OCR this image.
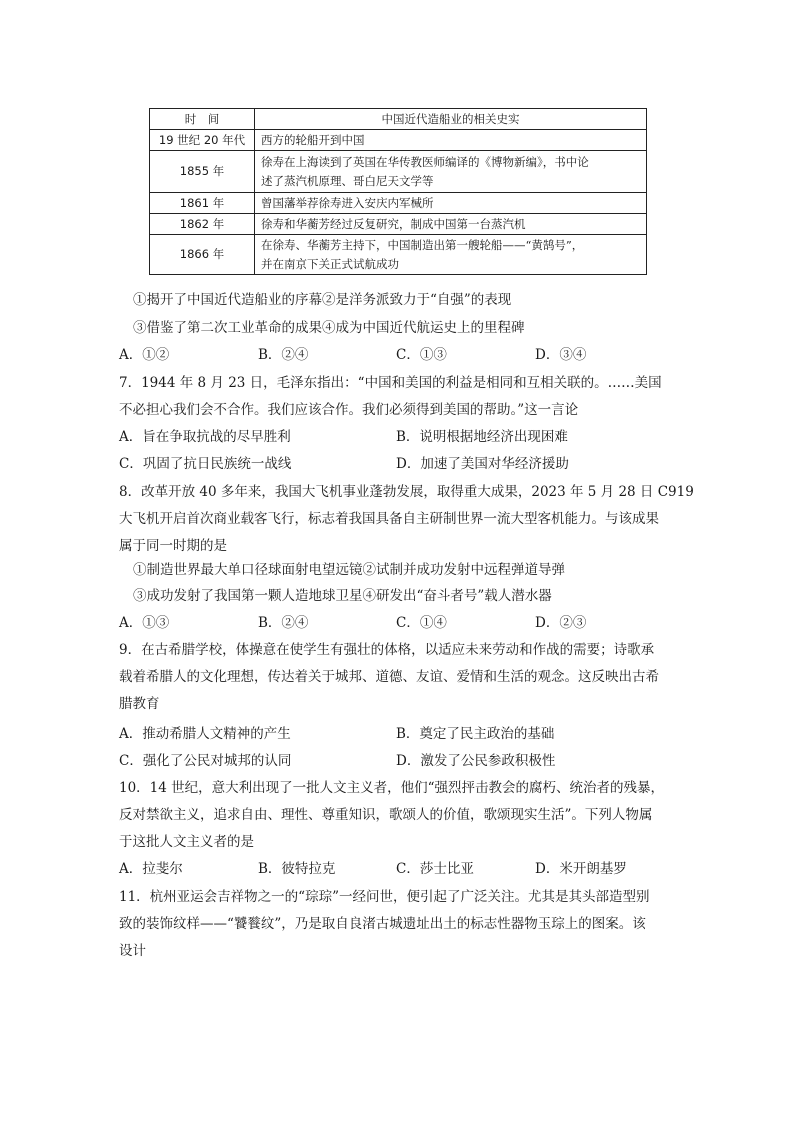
时　间	中国近代造船业的相关史实
19 世纪 20 年代	西方的轮船开到中国
1855 年	徐寿在上海读到了英国在华传教医师编译的《博物新编》，书中论
述了蒸汽机原理、哥白尼天文学等
1861 年	曾国藩举荐徐寿进入安庆内军械所
1862 年	徐寿和华蘅芳经过反复研究，制成中国第一台蒸汽机
1866 年	在徐寿、华蘅芳主持下，中国制造出第一艘轮船——“黄鹄号”，
并在南京下关正式试航成功
①揭开了中国近代造船业的序幕②是洋务派致力于“自强”的表现
③借鉴了第二次工业革命的成果④成为中国近代航运史上的里程碑
A．①②	B．②④	C．①③	D．③④
7．1944 年 8 月 23 日，毛泽东指出：“中国和美国的利益是相同和互相关联的。……美国
不必担心我们会不合作。我们应该合作。我们必须得到美国的帮助。”这一言论
A．旨在争取抗战的尽早胜利	B．说明根据地经济出现困难
C．巩固了抗日民族统一战线	D．加速了美国对华经济援助
8．改革开放 40 多年来，我国大飞机事业蓬勃发展，取得重大成果，2023 年 5 月 28 日 C919
大飞机开启首次商业载客飞行，标志着我国具备自主研制世界一流大型客机能力。与该成果
属于同一时期的是
①制造世界最大单口径球面射电望远镜②试制并成功发射中远程弹道导弹
③成功发射了我国第一颗人造地球卫星④研发出“奋斗者号”载人潜水器
A．①③	B．②④	C．①④	D．②③
9．在古希腊学校，体操意在使学生有强壮的体格，以适应未来劳动和作战的需要；诗歌承
载着希腊人的文化理想，传达着关于城邦、道德、友谊、爱情和生活的观念。这反映出古希
腊教育
A．推动希腊人文精神的产生	B．奠定了民主政治的基础
C．强化了公民对城邦的认同	D．激发了公民参政积极性
10．14 世纪，意大利出现了一批人文主义者，他们“强烈抨击教会的腐朽、统治者的残暴，
反对禁欲主义，追求自由、理性、尊重知识，歌颂人的价值，歌颂现实生活”。下列人物属
于这批人文主义者的是
A．拉斐尔	B．彼特拉克	C．莎士比亚	D．米开朗基罗
11．杭州亚运会吉祥物之一的“琮琮”一经问世，便引起了广泛关注。尤其是其头部造型别
致的装饰纹样——“饕餮纹”，乃是取自良渚古城遗址出土的标志性器物玉琮上的图案。该
设计
